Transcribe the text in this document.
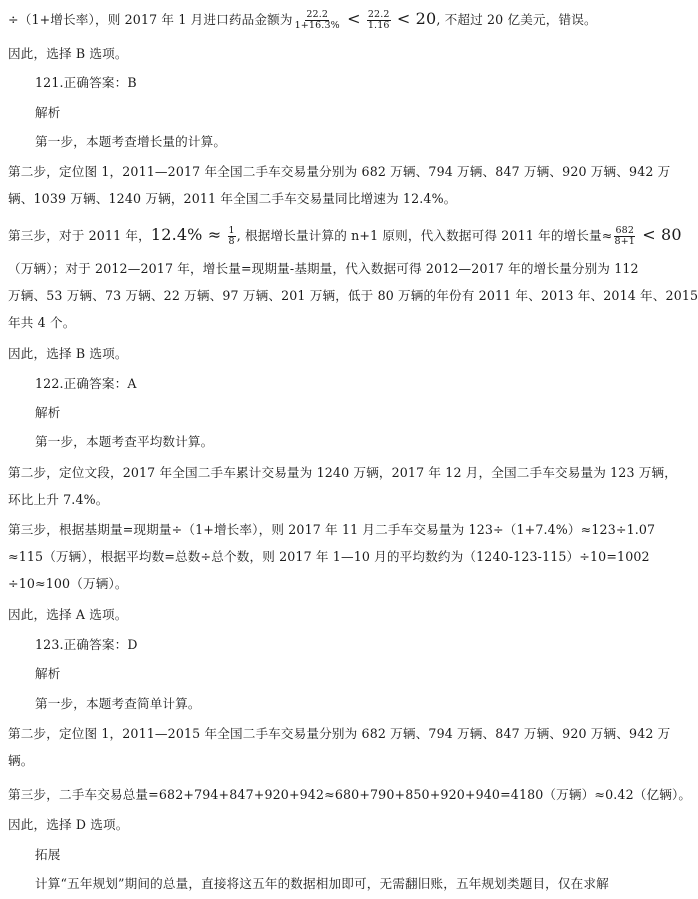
÷（1+增长率），则 2017 年 1 月进口药品金额为 $\frac{22.2}{1+16.3\%} < \frac{22.2}{1.16} < 20$, 不超过 20 亿美元，错误。
因此，选择 B 选项。
121.正确答案：B
解析
第一步，本题考查增长量的计算。
第二步，定位图 1，2011—2017 年全国二手车交易量分别为 682 万辆、794 万辆、847 万辆、920 万辆、942 万
辆、1039 万辆、1240 万辆，2011 年全国二手车交易量同比增速为 12.4%。
第三步，对于 2011 年，$12.4\% \approx \frac{1}{8}$ , 根据增长量计算的 n+1 原则，代入数据可得 2011 年的增长量≈ $\frac{682}{8+1} < 80$
（万辆）；对于 2012—2017 年，增长量=现期量-基期量，代入数据可得 2012—2017 年的增长量分别为 112
万辆、53 万辆、73 万辆、22 万辆、97 万辆、201 万辆，低于 80 万辆的年份有 2011 年、2013 年、2014 年、2015
年共 4 个。
因此，选择 B 选项。
122.正确答案：A
解析
第一步，本题考查平均数计算。
第二步，定位文段，2017 年全国二手车累计交易量为 1240 万辆，2017 年 12 月，全国二手车交易量为 123 万辆，
环比上升 7.4%。
第三步，根据基期量=现期量÷（1+增长率），则 2017 年 11 月二手车交易量为 123÷（1+7.4%）≈123÷1.07
≈115（万辆），根据平均数=总数÷总个数，则 2017 年 1—10 月的平均数约为（1240-123-115）÷10=1002
÷10≈100（万辆）。
因此，选择 A 选项。
123.正确答案：D
解析
第一步，本题考查简单计算。
第二步，定位图 1，2011—2015 年全国二手车交易量分别为 682 万辆、794 万辆、847 万辆、920 万辆、942 万
辆。
第三步，二手车交易总量=682+794+847+920+942≈680+790+850+920+940=4180（万辆）≈0.42（亿辆）。
因此，选择 D 选项。
拓展
计算“五年规划”期间的总量，直接将这五年的数据相加即可，无需翻旧账，五年规划类题目，仅在求解
